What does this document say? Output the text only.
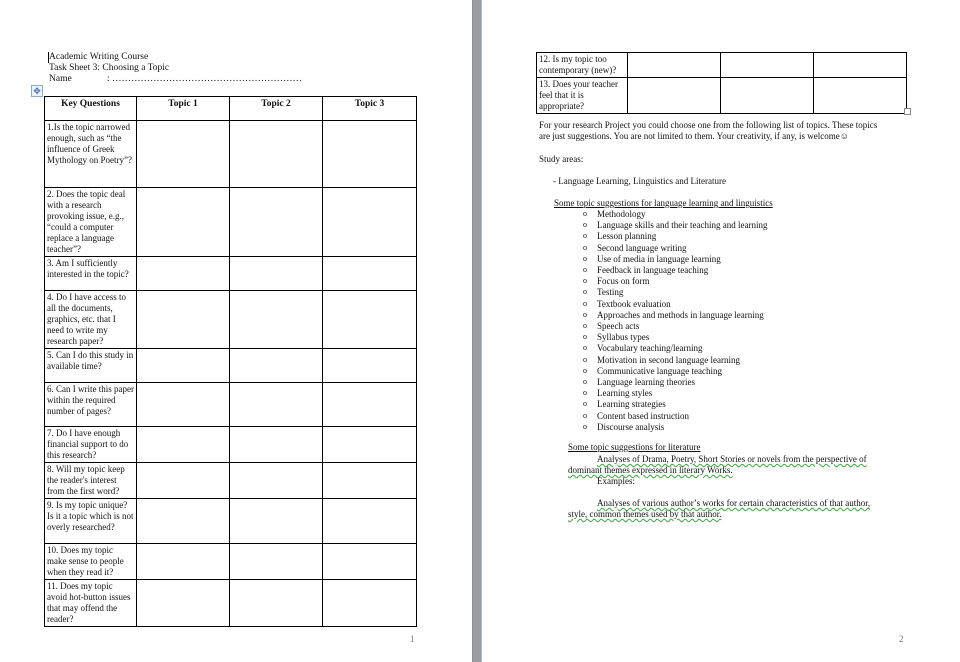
Academic Writing Course
Task Sheet 3: Choosing a Topic
Name	: ……………………………………………………
✥
Key Questions	Topic 1	Topic 2	Topic 3
1.Is the topic narrowed enough, such as “the influence of Greek Mythology on Poetry”?			
2. Does the topic deal with a research provoking issue, e.g., “could a computer replace a language teacher”?			
3. Am I sufficiently interested in the topic?			
4. Do I have access to all the documents, graphics, etc. that I need to write my research paper?			
5. Can I do this study in available time?			
6. Can I write this paper within the required number of pages?			
7. Do I have enough financial support to do this research?			
8. Will my topic keep the reader's interest from the first word?			
9. Is my topic unique? Is it a topic which is not overly researched?			
10. Does my topic make sense to people when they read it?			
11. Does my topic avoid hot-button issues that may offend the reader?			
1
12. Is my topic too contemporary (new)?			
13. Does your teacher feel that it is appropriate?			
For your research Project you could choose one from the following list of topics. These topics
are just suggestions. You are not limited to them. Your creativity, if any, is welcome☺
Study areas:
- Language Learning, Linguistics and Literature
Some topic suggestions for language learning and linguistics
o Methodology
o Language skills and their teaching and learning
o Lesson planning
o Second language writing
o Use of media in language learning
o Feedback in language teaching
o Focus on form
o Testing
o Textbook evaluation
o Approaches and methods in language learning
o Speech acts
o Syllabus types
o Vocabulary teaching/learning
o Motivation in second language learning
o Communicative language teaching
o Language learning theories
o Learning styles
o Learning strategies
o Content based instruction
o Discourse analysis
Some topic suggestions for literature
Analyses of Drama, Poetry, Short Stories or novels from the perspective of
dominant themes expressed in literary Works.
Examples:
Analyses of various author’s works for certain characteristics of that author,
style, common themes used by that author.
2
